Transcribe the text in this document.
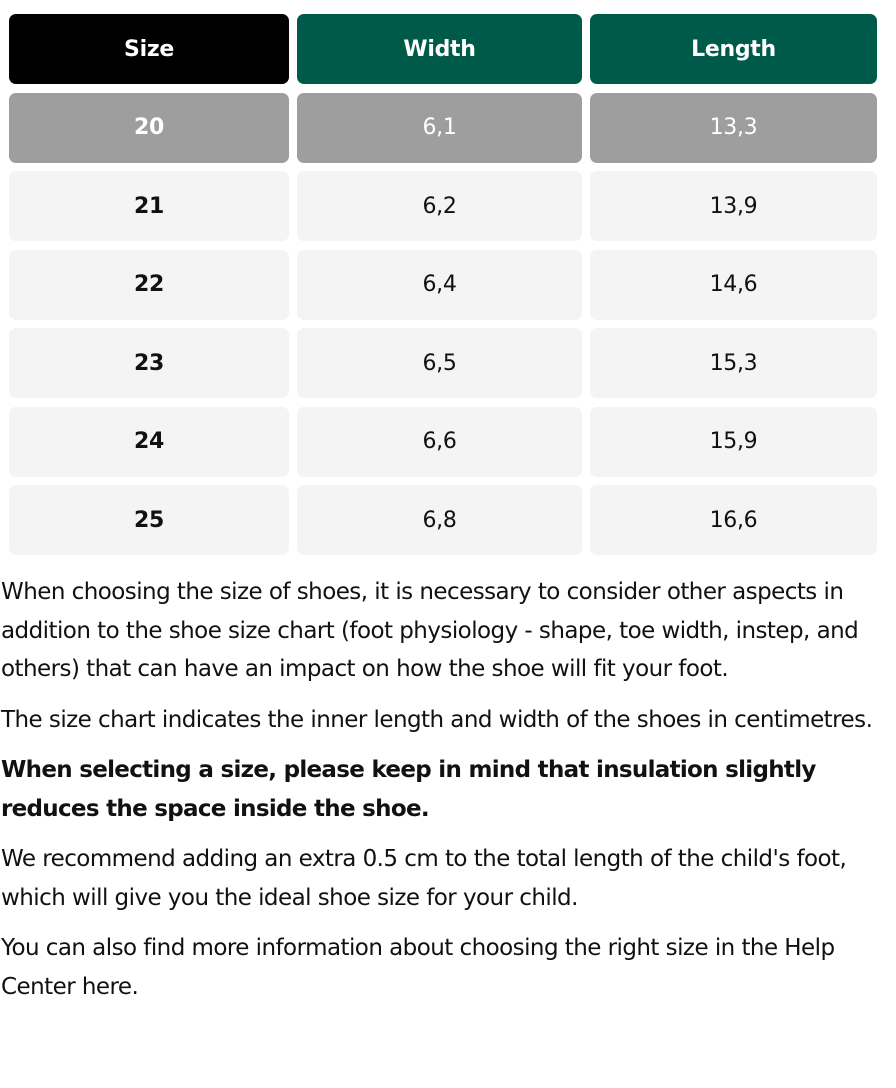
Size	Width	Length
20	6,1	13,3
21	6,2	13,9
22	6,4	14,6
23	6,5	15,3
24	6,6	15,9
25	6,8	16,6

When choosing the size of shoes, it is necessary to consider other aspects in addition to the shoe size chart (foot physiology - shape, toe width, instep, and others) that can have an impact on how the shoe will fit your foot.

The size chart indicates the inner length and width of the shoes in centimetres.

When selecting a size, please keep in mind that insulation slightly reduces the space inside the shoe.

We recommend adding an extra 0.5 cm to the total length of the child's foot, which will give you the ideal shoe size for your child.

You can also find more information about choosing the right size in the Help Center here.
